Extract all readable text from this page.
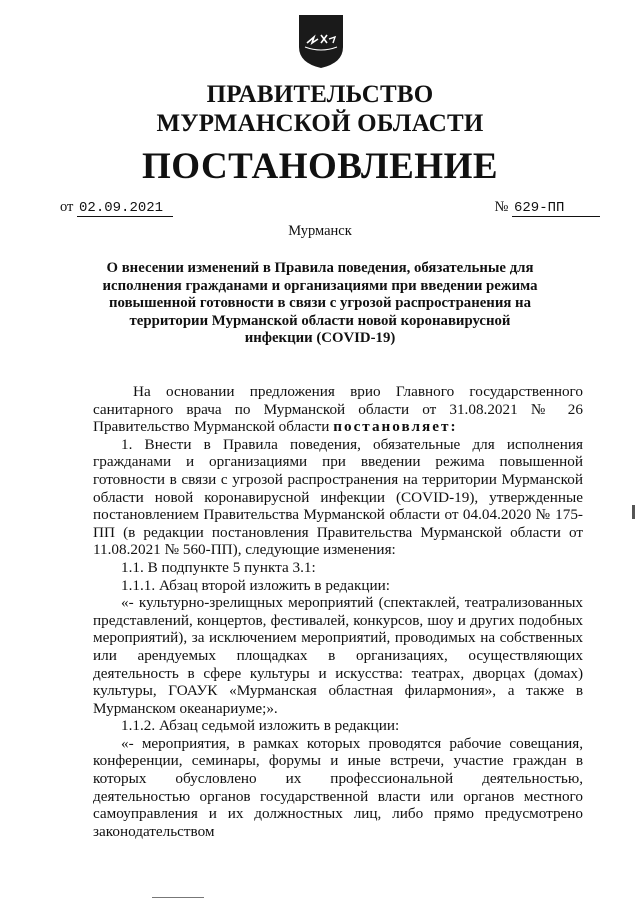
ПРАВИТЕЛЬСТВО
МУРМАНСКОЙ ОБЛАСТИ
ПОСТАНОВЛЕНИЕ
от 02.09.2021	№ 629-ПП
Мурманск
О внесении изменений в Правила поведения, обязательные для исполнения гражданами и организациями при введении режима повышенной готовности в связи с угрозой распространения на территории Мурманской области новой коронавирусной инфекции (COVID-19)

На основании предложения врио Главного государственного санитарного врача по Мурманской области от 31.08.2021 № 26 Правительство Мурманской области постановляет:

1. Внести в Правила поведения, обязательные для исполнения гражданами и организациями при введении режима повышенной готовности в связи с угрозой распространения на территории Мурманской области новой коронавирусной инфекции (COVID-19), утвержденные постановлением Правительства Мурманской области от 04.04.2020 № 175-ПП (в редакции постановления Правительства Мурманской области от 11.08.2021 № 560-ПП), следующие изменения:

1.1. В подпункте 5 пункта 3.1:

1.1.1. Абзац второй изложить в редакции:

«- культурно-зрелищных мероприятий (спектаклей, театрализованных представлений, концертов, фестивалей, конкурсов, шоу и других подобных мероприятий), за исключением мероприятий, проводимых на собственных или арендуемых площадках в организациях, осуществляющих деятельность в сфере культуры и искусства: театрах, дворцах (домах) культуры, ГОАУК «Мурманская областная филармония», а также в Мурманском океанариуме;».

1.1.2. Абзац седьмой изложить в редакции:

«- мероприятия, в рамках которых проводятся рабочие совещания, конференции, семинары, форумы и иные встречи, участие граждан в которых обусловлено их профессиональной деятельностью, деятельностью органов государственной власти или органов местного самоуправления и их должностных лиц, либо прямо предусмотрено законодательством
